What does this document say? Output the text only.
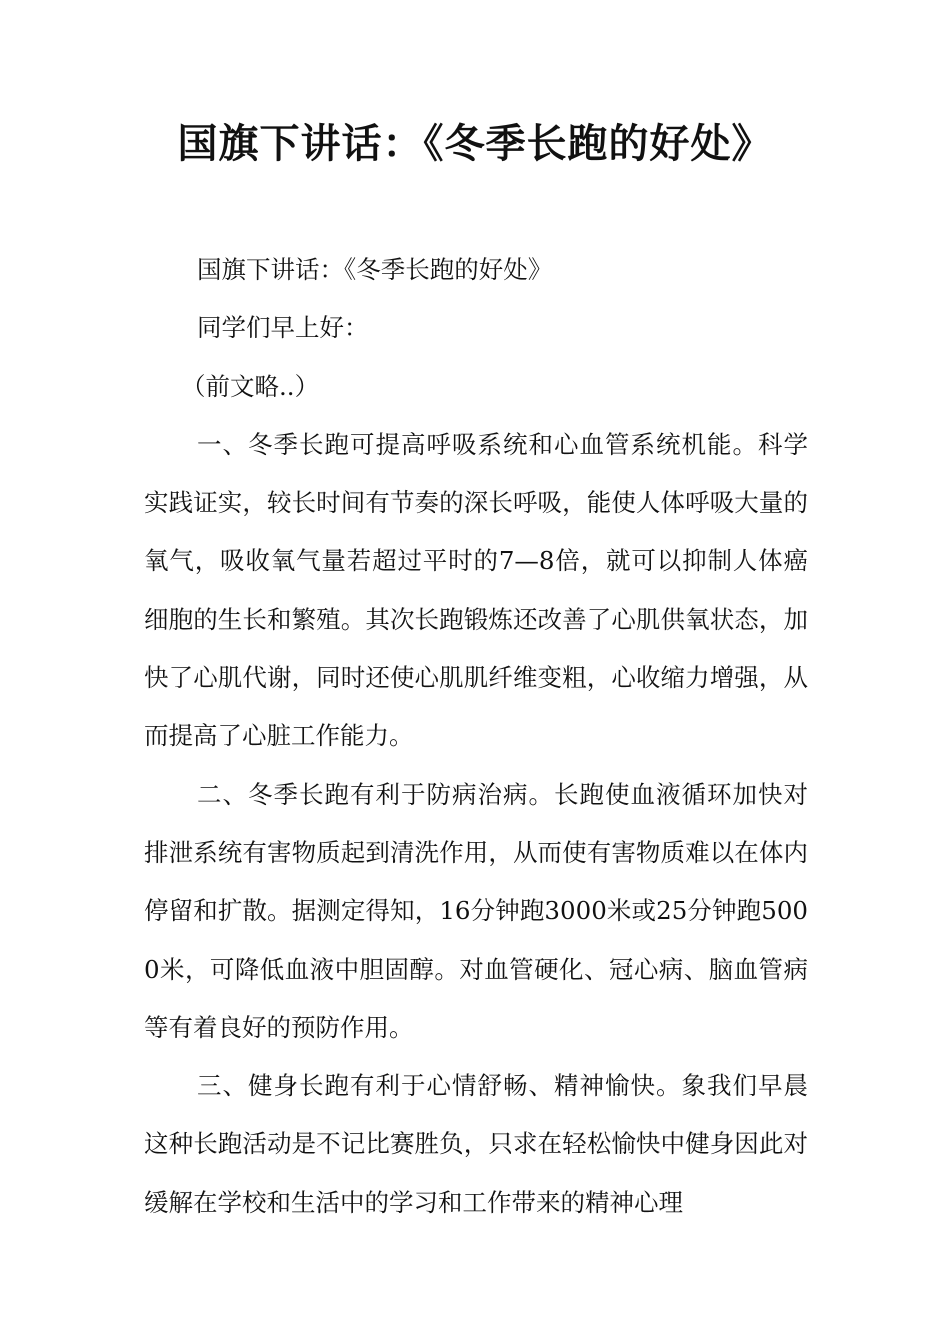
国旗下讲话：《冬季长跑的好处》

国旗下讲话：《冬季长跑的好处》

同学们早上好：

（前文略..）

一、冬季长跑可提高呼吸系统和心血管系统机能。科学实践证实，较长时间有节奏的深长呼吸，能使人体呼吸大量的氧气，吸收氧气量若超过平时的7—8倍，就可以抑制人体癌细胞的生长和繁殖。其次长跑锻炼还改善了心肌供氧状态，加快了心肌代谢，同时还使心肌肌纤维变粗，心收缩力增强，从而提高了心脏工作能力。

二、冬季长跑有利于防病治病。长跑使血液循环加快对排泄系统有害物质起到清洗作用，从而使有害物质难以在体内停留和扩散。据测定得知，16分钟跑3000米或25分钟跑5000米，可降低血液中胆固醇。对血管硬化、冠心病、脑血管病等有着良好的预防作用。

三、健身长跑有利于心情舒畅、精神愉快。象我们早晨这种长跑活动是不记比赛胜负，只求在轻松愉快中健身因此对缓解在学校和生活中的学习和工作带来的精神心理
